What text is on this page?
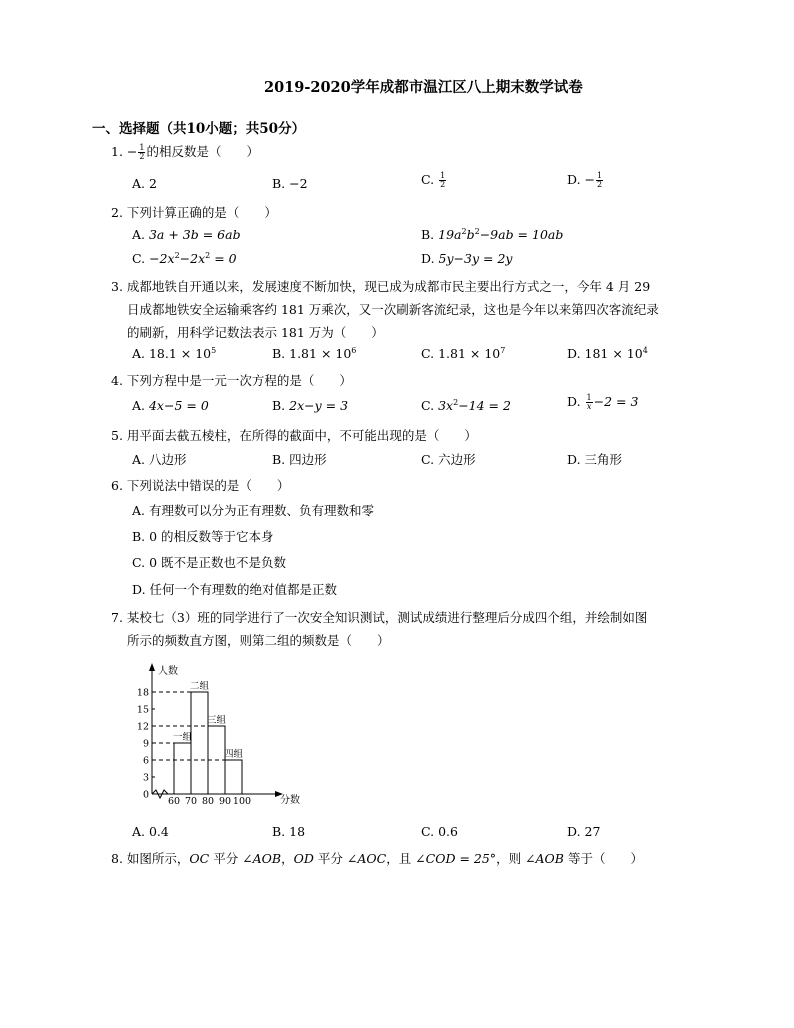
2019-2020学年成都市温江区八上期末数学试卷
一、选择题（共10小题；共50分）
1. − $\frac{1}{2}$ 的相反数是（　　）
A. 2	B. −2	C. $\frac{1}{2}$	D. − $\frac{1}{2}$
2. 下列计算正确的是（　　）
A. 3a + 3b = 6ab	B. $19a^2b^2-9ab = 10ab$
C. $-2x^2-2x^2 = 0$	D. 5y−3y = 2y
3. 成都地铁自开通以来，发展速度不断加快，现已成为成都市民主要出行方式之一，今年 4 月 29
日成都地铁安全运输乘客约 181 万乘次，又一次刷新客流纪录，这也是今年以来第四次客流纪录
的刷新，用科学记数法表示 181 万为（　　）
A. $18.1 \times 10^5$	B. $1.81 \times 10^6$	C. $1.81 \times 10^7$	D. $181 \times 10^4$
4. 下列方程中是一元一次方程的是（　　）
A. 4x−5 = 0	B. 2x−y = 3	C. $3x^2-14 = 2$	D. $\frac{1}{x} -2 = 3$
5. 用平面去截五棱柱，在所得的截面中，不可能出现的是（　　）
A. 八边形	B. 四边形	C. 六边形	D. 三角形
6. 下列说法中错误的是（　　）
A. 有理数可以分为正有理数、负有理数和零
B. 0 的相反数等于它本身
C. 0 既不是正数也不是负数
D. 任何一个有理数的绝对值都是正数
7. 某校七（3）班的同学进行了一次安全知识测试，测试成绩进行整理后分成四个组，并绘制如图
所示的频数直方图，则第二组的频数是（　　）
0
3
6
9
12
15
18
一组
二组
三组
四组
60 70 80 90 100
人数
分数
A. 0.4	B. 18	C. 0.6	D. 27
8. 如图所示，OC 平分 ∠AOB，OD 平分 ∠AOC，且 ∠COD = 25°，则 ∠AOB 等于（　　）
